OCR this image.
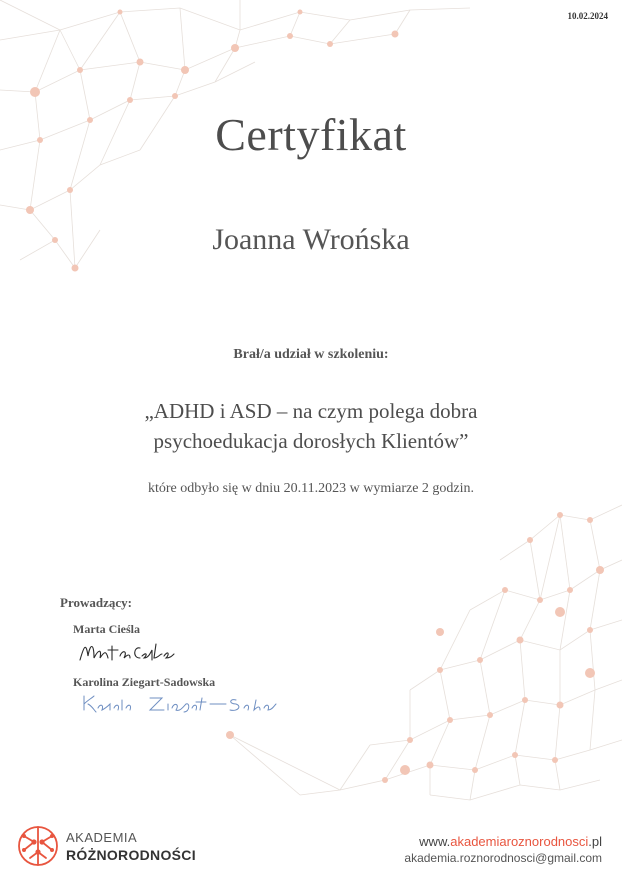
10.02.2024
Certyfikat
Joanna Wrońska
Brał/a udział w szkoleniu:
„ADHD i ASD – na czym polega dobra
psychoedukacja dorosłych Klientów”
które odbyło się w dniu 20.11.2023 w wymiarze 2 godzin.
Prowadzący:
Marta Cieśla
Karolina Ziegart-Sadowska
AKADEMIA
RÓŻNORODNOŚCI
www.akademiaroznorodnosci.pl
akademia.roznorodnosci@gmail.com
